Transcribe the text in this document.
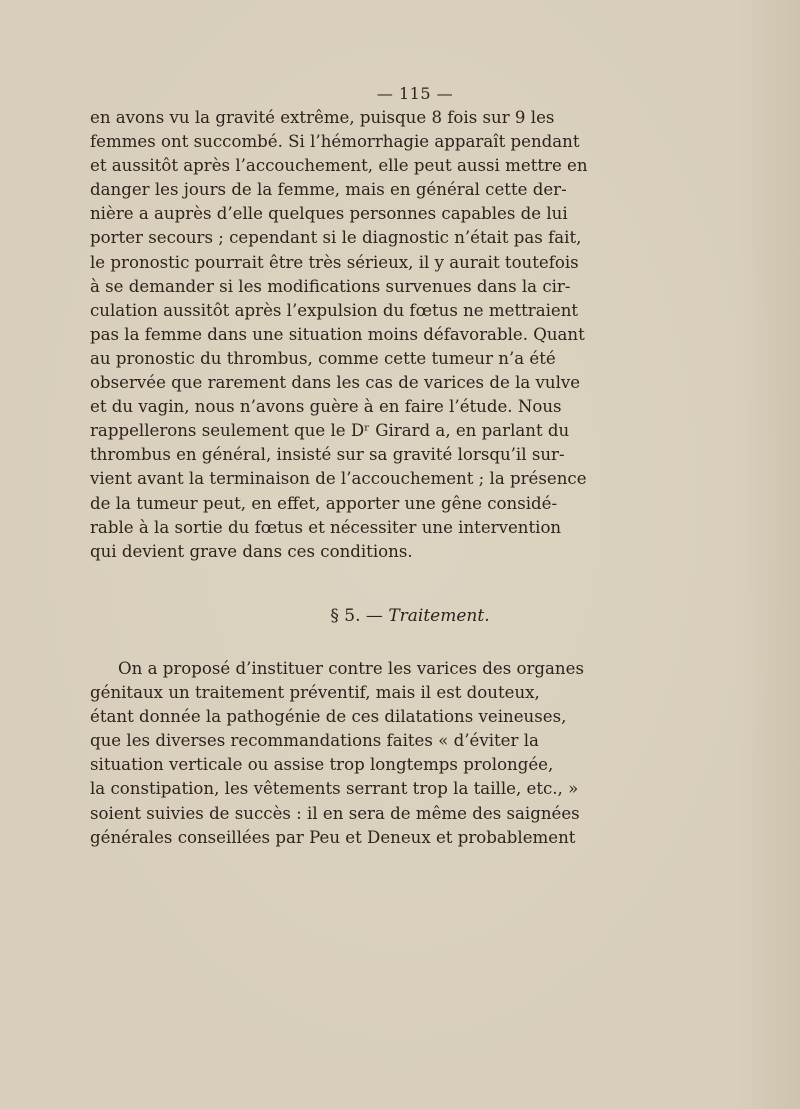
— 115 —
en avons vu la gravité extrême, puisque 8 fois sur 9 les
femmes ont succombé. Si l’hémorrhagie apparaît pendant
et aussitôt après l’accouchement, elle peut aussi mettre en
danger les jours de la femme, mais en général cette der-
nière a auprès d’elle quelques personnes capables de lui
porter secours ; cependant si le diagnostic n’était pas fait,
le pronostic pourrait être très sérieux, il y aurait toutefois
à se demander si les modifications survenues dans la cir-
culation aussitôt après l’expulsion du fœtus ne mettraient
pas la femme dans une situation moins défavorable. Quant
au pronostic du thrombus, comme cette tumeur n’a été
observée que rarement dans les cas de varices de la vulve
et du vagin, nous n’avons guère à en faire l’étude. Nous
rappellerons seulement que le Dʳ Girard a, en parlant du
thrombus en général, insisté sur sa gravité lorsqu’il sur-
vient avant la terminaison de l’accouchement ; la présence
de la tumeur peut, en effet, apporter une gêne considé-
rable à la sortie du fœtus et nécessiter une intervention
qui devient grave dans ces conditions.
§ 5. — Traitement.
On a proposé d’instituer contre les varices des organes
génitaux un traitement préventif, mais il est douteux,
étant donnée la pathogénie de ces dilatations veineuses,
que les diverses recommandations faites « d’éviter la
situation verticale ou assise trop longtemps prolongée,
la constipation, les vêtements serrant trop la taille, etc., »
soient suivies de succès : il en sera de même des saignées
générales conseillées par Peu et Deneux et probablement
